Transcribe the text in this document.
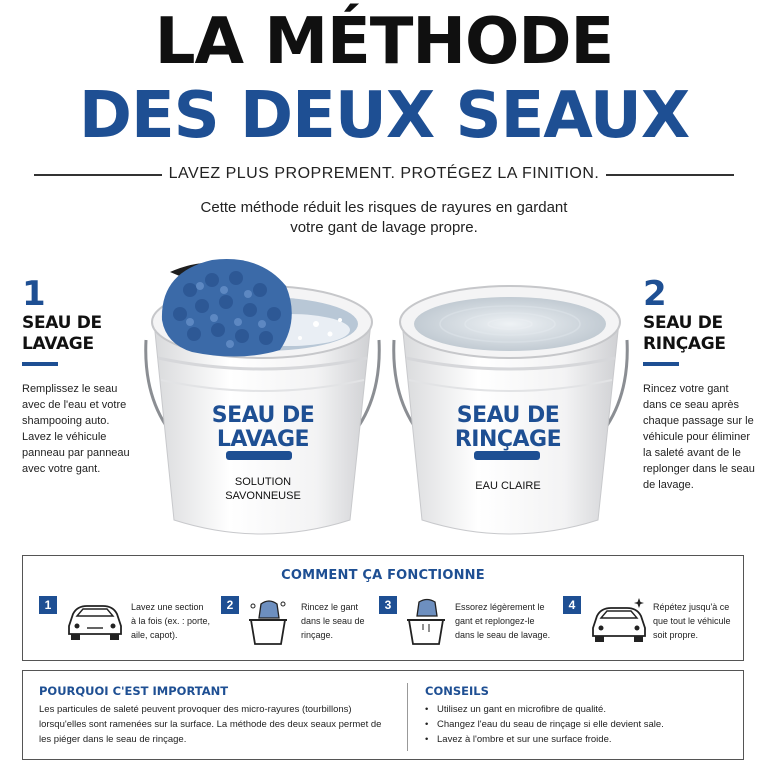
LA MÉTHODE
DES DEUX SEAUX
LAVEZ PLUS PROPREMENT. PROTÉGEZ LA FINITION.
Cette méthode réduit les risques de rayures en gardant votre gant de lavage propre.
1
SEAU DE
LAVAGE
Remplissez le seau avec de l'eau et votre shampooing auto. Lavez le véhicule panneau par panneau avec votre gant.
2
SEAU DE
RINÇAGE
Rincez votre gant dans ce seau après chaque passage sur le véhicule pour éliminer la saleté avant de le replonger dans le seau de lavage.
SEAU DE
LAVAGE
SOLUTION
SAVONNEUSE
SEAU DE
RINÇAGE
EAU CLAIRE
COMMENT ÇA FONCTIONNE
1	Lavez une section à la fois (ex. : porte, aile, capot).
2	Rincez le gant dans le seau de rinçage.
3	Essorez légèrement le gant et replongez-le dans le seau de lavage.
4	Répétez jusqu'à ce que tout le véhicule soit propre.
POURQUOI C'EST IMPORTANT
Les particules de saleté peuvent provoquer des micro-rayures (tourbillons) lorsqu'elles sont ramenées sur la surface. La méthode des deux seaux permet de les piéger dans le seau de rinçage.
CONSEILS
• Utilisez un gant en microfibre de qualité.
• Changez l'eau du seau de rinçage si elle devient sale.
• Lavez à l'ombre et sur une surface froide.
